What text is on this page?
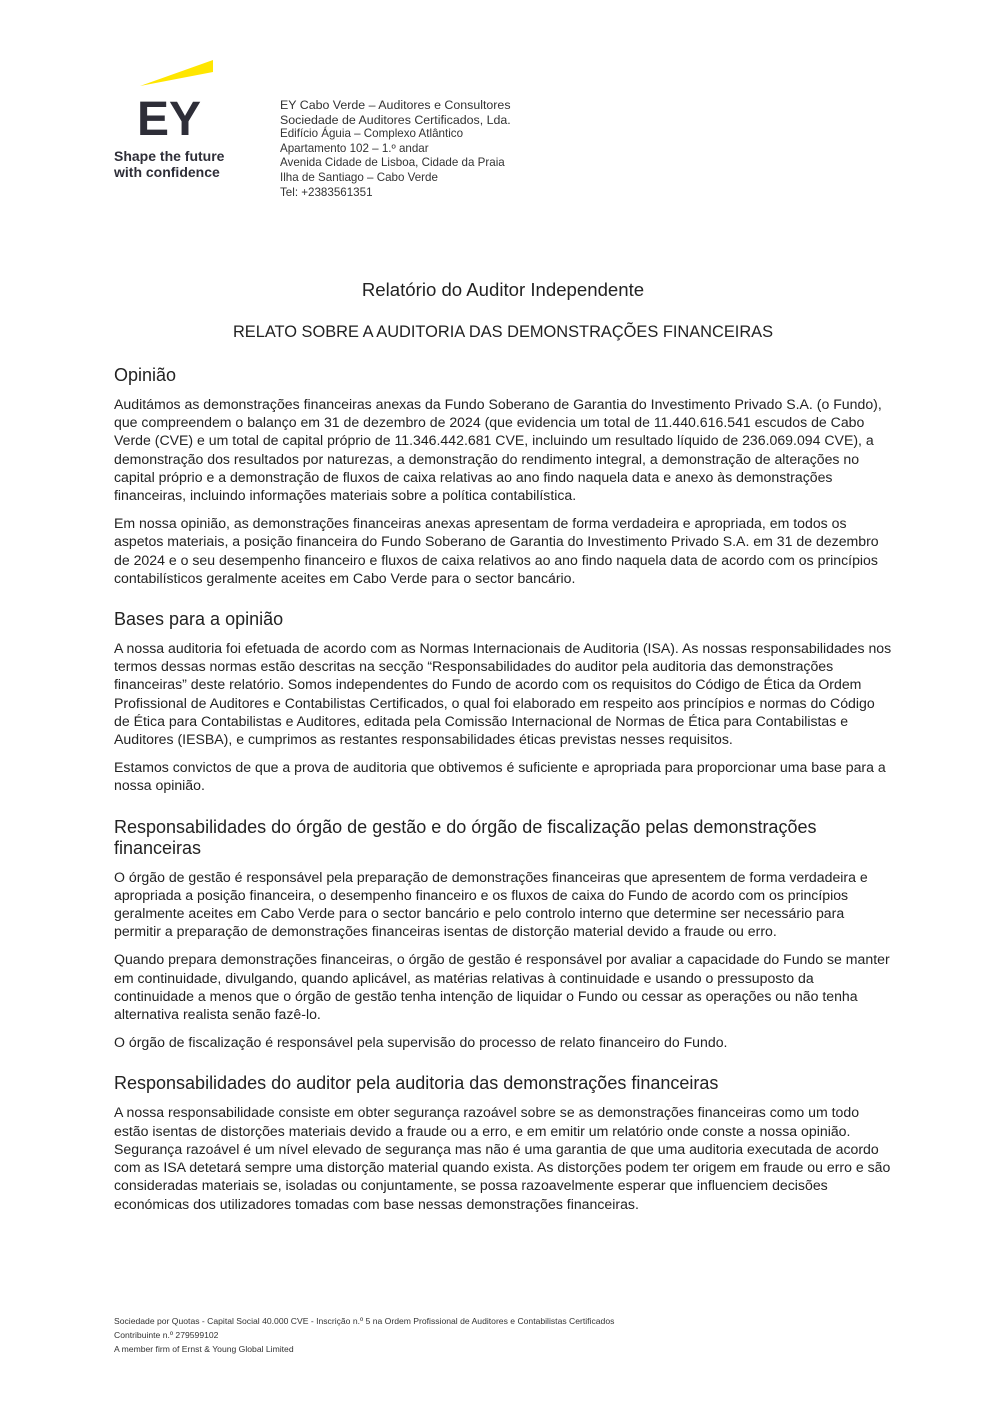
EY
Shape the future
with confidence
EY Cabo Verde – Auditores e Consultores
Sociedade de Auditores Certificados, Lda.
Edifício Águia – Complexo Atlântico
Apartamento 102 – 1.º andar
Avenida Cidade de Lisboa, Cidade da Praia
Ilha de Santiago – Cabo Verde
Tel: +2383561351
Relatório do Auditor Independente
RELATO SOBRE A AUDITORIA DAS DEMONSTRAÇÕES FINANCEIRAS
Opinião

Auditámos as demonstrações financeiras anexas da Fundo Soberano de Garantia do Investimento Privado S.A. (o Fundo), que compreendem o balanço em 31 de dezembro de 2024 (que evidencia um total de 11.440.616.541 escudos de Cabo Verde (CVE) e um total de capital próprio de 11.346.442.681 CVE, incluindo um resultado líquido de 236.069.094 CVE), a demonstração dos resultados por naturezas, a demonstração do rendimento integral, a demonstração de alterações no capital próprio e a demonstração de fluxos de caixa relativas ao ano findo naquela data e anexo às demonstrações financeiras, incluindo informações materiais sobre a política contabilística.

Em nossa opinião, as demonstrações financeiras anexas apresentam de forma verdadeira e apropriada, em todos os aspetos materiais, a posição financeira do Fundo Soberano de Garantia do Investimento Privado S.A. em 31 de dezembro de 2024 e o seu desempenho financeiro e fluxos de caixa relativos ao ano findo naquela data de acordo com os princípios contabilísticos geralmente aceites em Cabo Verde para o sector bancário.

Bases para a opinião

A nossa auditoria foi efetuada de acordo com as Normas Internacionais de Auditoria (ISA). As nossas responsabilidades nos termos dessas normas estão descritas na secção “Responsabilidades do auditor pela auditoria das demonstrações financeiras” deste relatório. Somos independentes do Fundo de acordo com os requisitos do Código de Ética da Ordem Profissional de Auditores e Contabilistas Certificados, o qual foi elaborado em respeito aos princípios e normas do Código de Ética para Contabilistas e Auditores, editada pela Comissão Internacional de Normas de Ética para Contabilistas e Auditores (IESBA), e cumprimos as restantes responsabilidades éticas previstas nesses requisitos.

Estamos convictos de que a prova de auditoria que obtivemos é suficiente e apropriada para proporcionar uma base para a nossa opinião.

Responsabilidades do órgão de gestão e do órgão de fiscalização pelas demonstrações financeiras

O órgão de gestão é responsável pela preparação de demonstrações financeiras que apresentem de forma verdadeira e apropriada a posição financeira, o desempenho financeiro e os fluxos de caixa do Fundo de acordo com os princípios geralmente aceites em Cabo Verde para o sector bancário e pelo controlo interno que determine ser necessário para permitir a preparação de demonstrações financeiras isentas de distorção material devido a fraude ou erro.

Quando prepara demonstrações financeiras, o órgão de gestão é responsável por avaliar a capacidade do Fundo se manter em continuidade, divulgando, quando aplicável, as matérias relativas à continuidade e usando o pressuposto da continuidade a menos que o órgão de gestão tenha intenção de liquidar o Fundo ou cessar as operações ou não tenha alternativa realista senão fazê-lo.

O órgão de fiscalização é responsável pela supervisão do processo de relato financeiro do Fundo.

Responsabilidades do auditor pela auditoria das demonstrações financeiras

A nossa responsabilidade consiste em obter segurança razoável sobre se as demonstrações financeiras como um todo estão isentas de distorções materiais devido a fraude ou a erro, e em emitir um relatório onde conste a nossa opinião. Segurança razoável é um nível elevado de segurança mas não é uma garantia de que uma auditoria executada de acordo com as ISA detetará sempre uma distorção material quando exista. As distorções podem ter origem em fraude ou erro e são consideradas materiais se, isoladas ou conjuntamente, se possa razoavelmente esperar que influenciem decisões económicas dos utilizadores tomadas com base nessas demonstrações financeiras.

Sociedade por Quotas - Capital Social 40.000 CVE - Inscrição n.º 5 na Ordem Profissional de Auditores e Contabilistas Certificados
Contribuinte n.º 279599102
A member firm of Ernst & Young Global Limited
